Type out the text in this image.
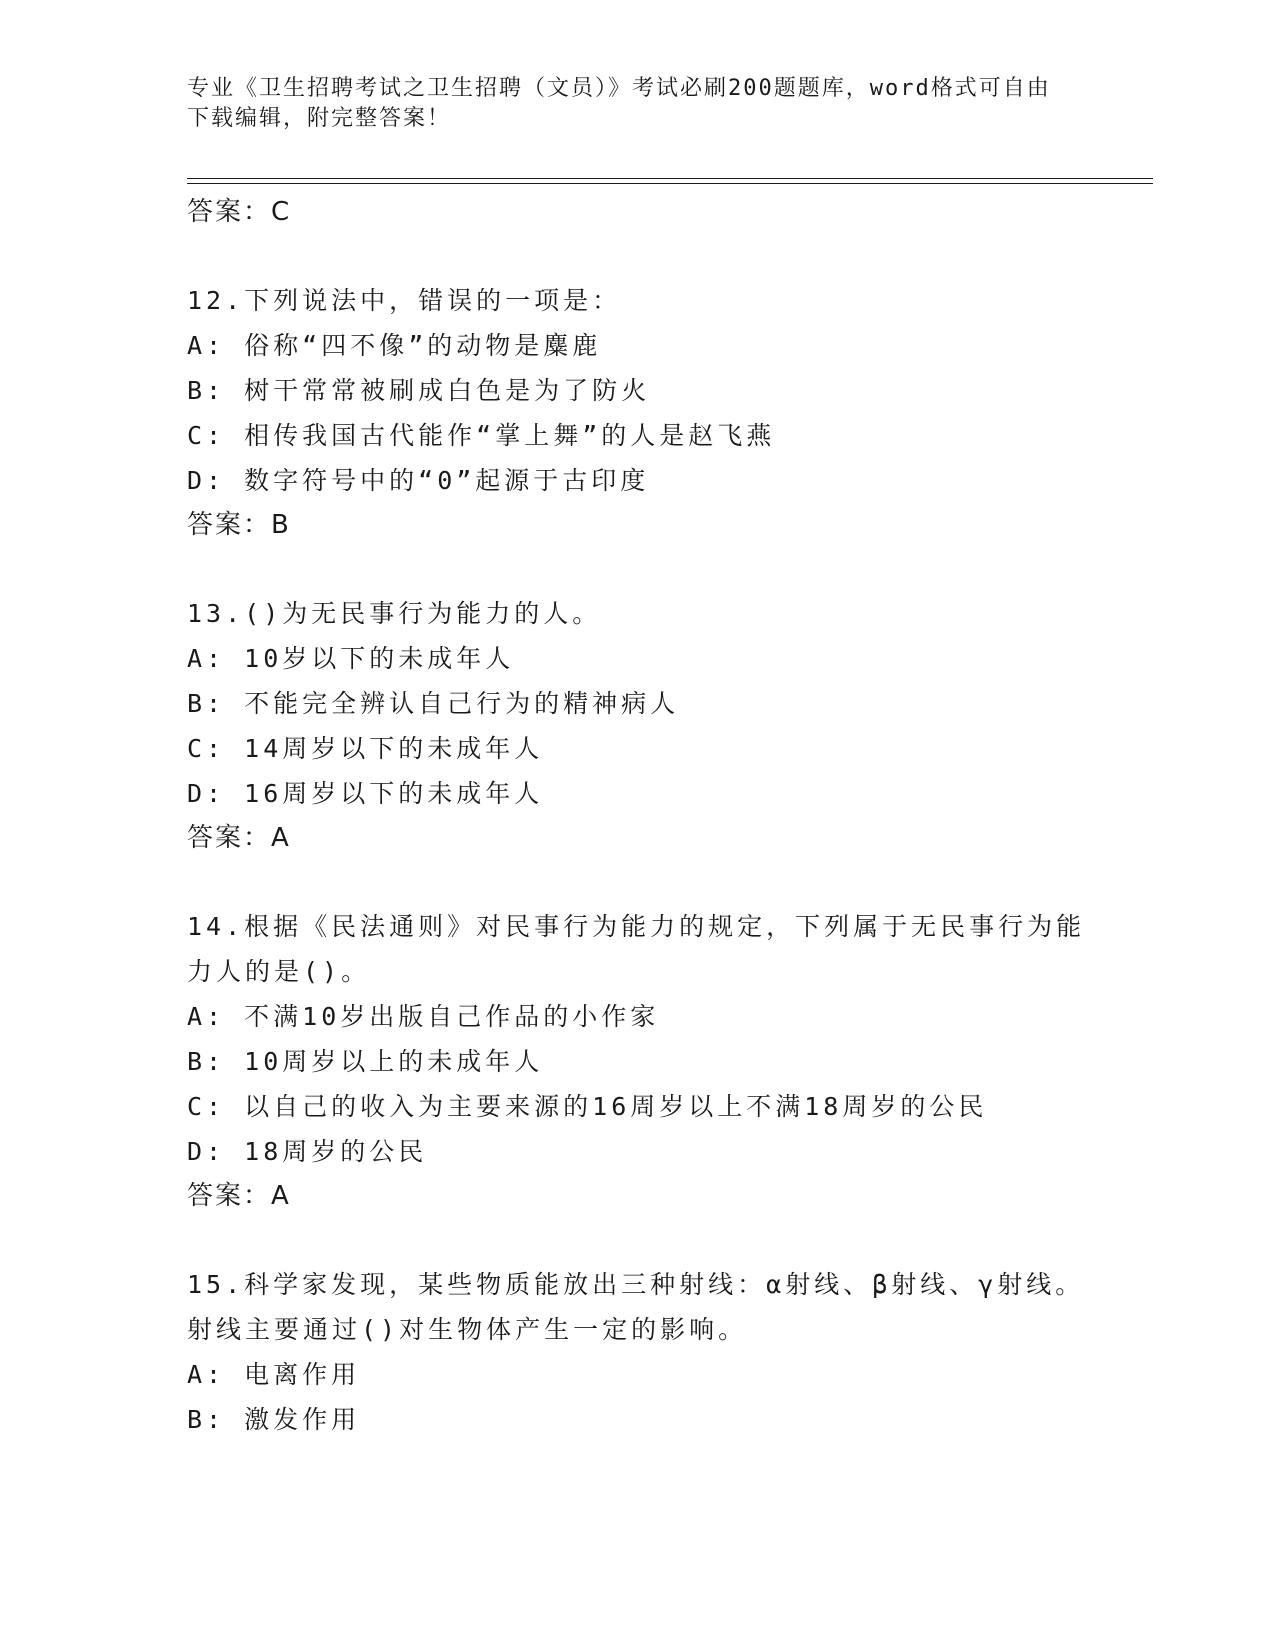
专业《卫生招聘考试之卫生招聘（文员）》考试必刷200题题库，word格式可自由下载编辑，附完整答案！
答案：C
12.下列说法中，错误的一项是：
A: 俗称“四不像”的动物是麋鹿
B: 树干常常被刷成白色是为了防火
C: 相传我国古代能作“掌上舞”的人是赵飞燕
D: 数字符号中的“0”起源于古印度
答案：B
13.()为无民事行为能力的人。
A: 10岁以下的未成年人
B: 不能完全辨认自己行为的精神病人
C: 14周岁以下的未成年人
D: 16周岁以下的未成年人
答案：A
14.根据《民法通则》对民事行为能力的规定，下列属于无民事行为能力人的是()。
A: 不满10岁出版自己作品的小作家
B: 10周岁以上的未成年人
C: 以自己的收入为主要来源的16周岁以上不满18周岁的公民
D: 18周岁的公民
答案：A
15.科学家发现，某些物质能放出三种射线：α射线、β射线、γ射线。射线主要通过()对生物体产生一定的影响。
A: 电离作用
B: 激发作用
